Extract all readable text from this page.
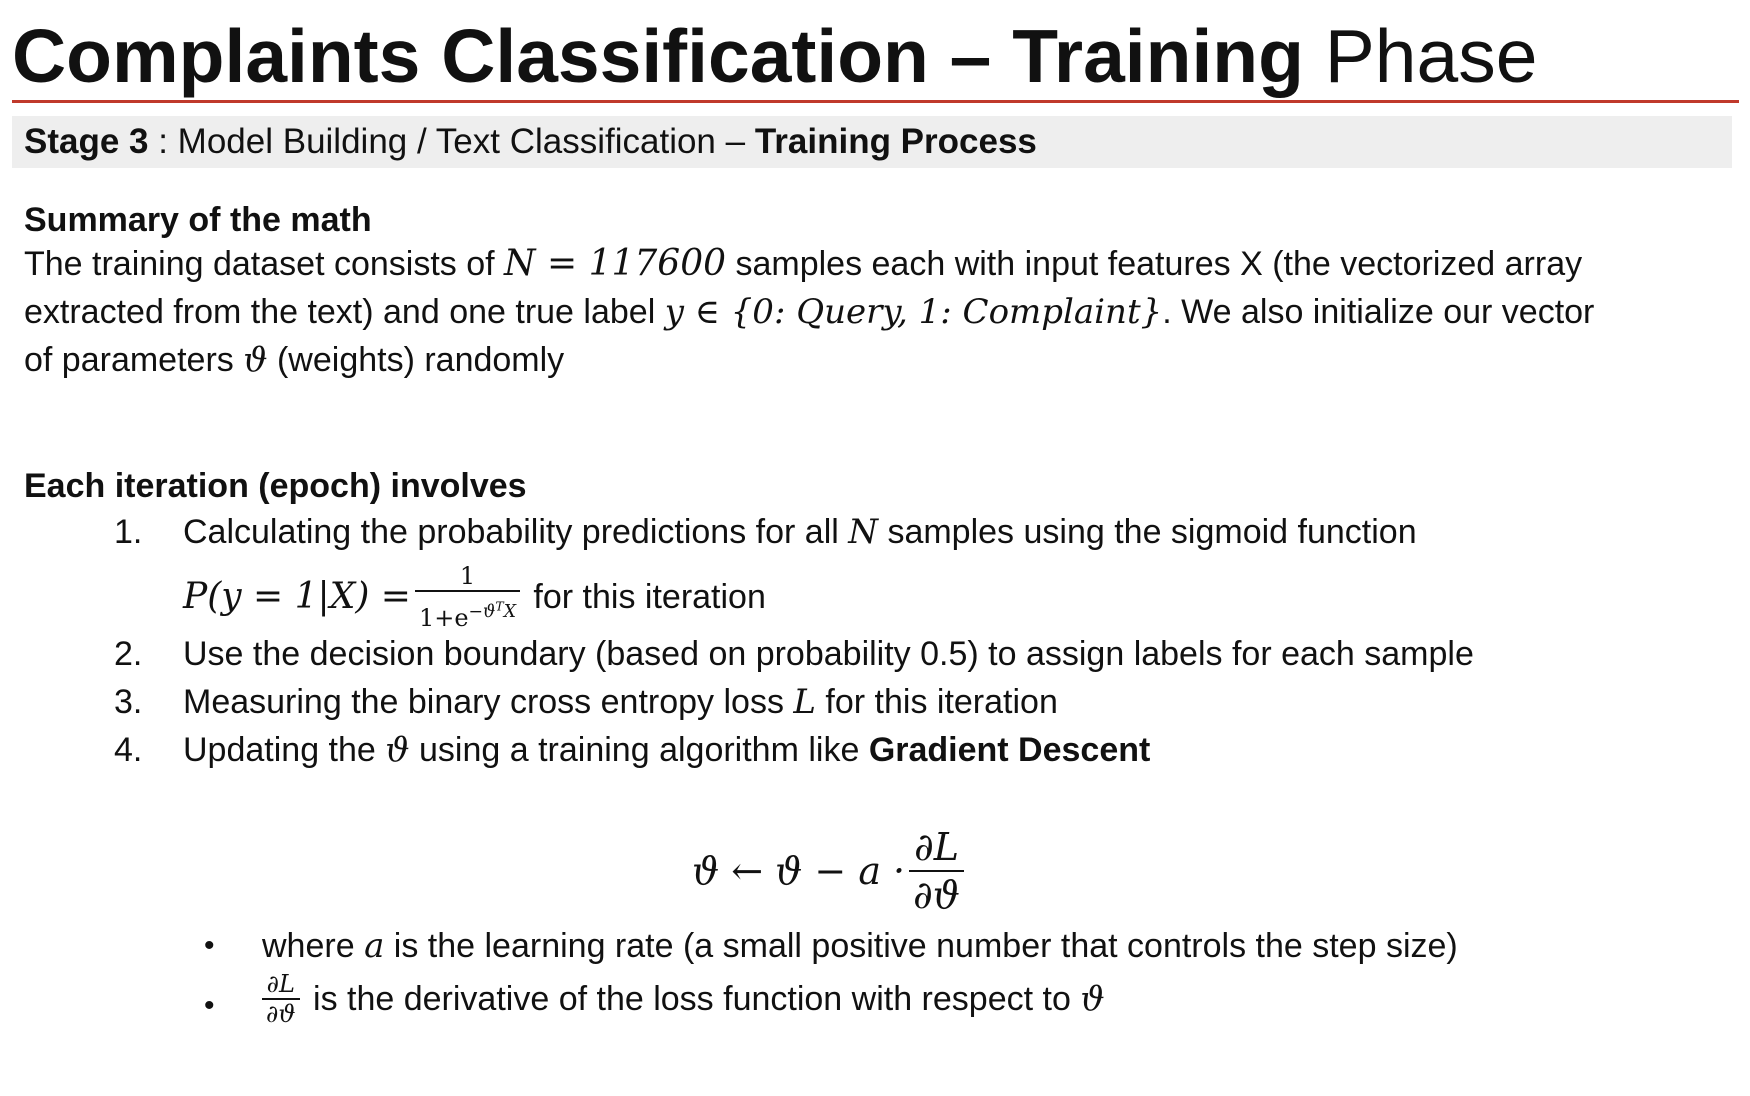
Complaints Classification – Training Phase
Stage 3 : Model Building / Text Classification – Training Process
Summary of the math
The training dataset consists of N = 117600 samples each with input features X (the vectorized array
extracted from the text) and one true label y ∈ {0: Query, 1: Complaint}. We also initialize our vector
of parameters ϑ (weights) randomly
Each iteration (epoch) involves
1. Calculating the probability predictions for all N samples using the sigmoid function
$P(y = 1|X) = \frac{1}{1+e^{-ϑ^TX}}$ for this iteration
2. Use the decision boundary (based on probability 0.5) to assign labels for each sample
3. Measuring the binary cross entropy loss L for this iteration
4. Updating the ϑ using a training algorithm like Gradient Descent
ϑ ← $ϑ - a \cdot \frac{\partial L}{\partial ϑ}$
• where a is the learning rate (a small positive number that controls the step size)
• $\frac{\partial L}{\partial ϑ}$ is the derivative of the loss function with respect to ϑ
